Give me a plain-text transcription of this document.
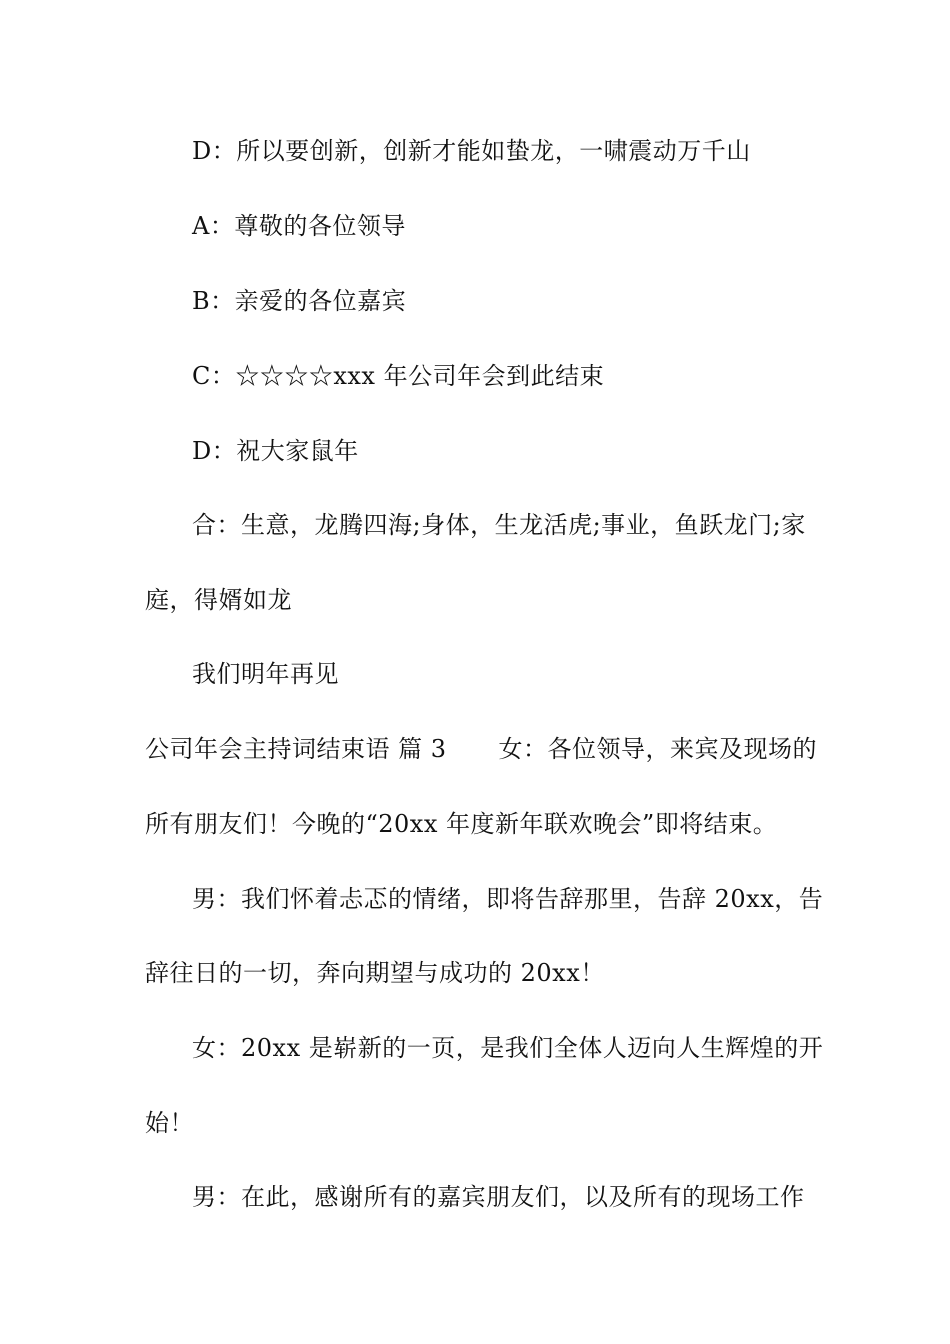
D：所以要创新，创新才能如蛰龙，一啸震动万千山
A：尊敬的各位领导
B：亲爱的各位嘉宾
C：☆☆☆☆xxx 年公司年会到此结束
D：祝大家鼠年
合：生意，龙腾四海;身体，生龙活虎;事业，鱼跃龙门;家
庭，得婿如龙
我们明年再见
公司年会主持词结束语 篇 3 女：各位领导，来宾及现场的
所有朋友们！今晚的“20xx 年度新年联欢晚会”即将结束。
男：我们怀着忐忑的情绪，即将告辞那里，告辞 20xx，告
辞往日的一切，奔向期望与成功的 20xx！
女：20xx 是崭新的一页，是我们全体人迈向人生辉煌的开
始！
男：在此，感谢所有的嘉宾朋友们，以及所有的现场工作
